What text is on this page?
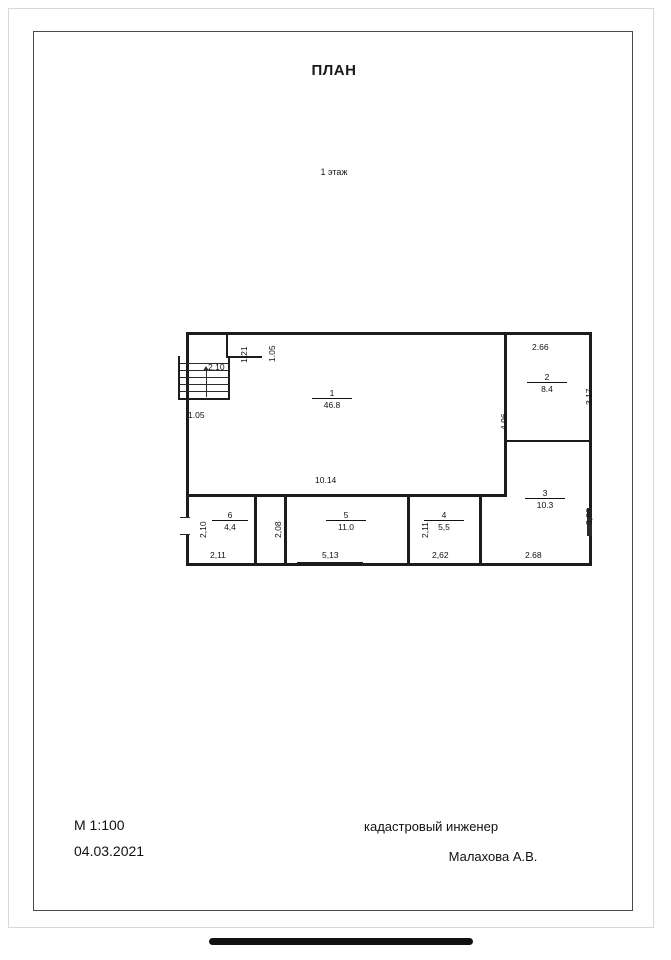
ПЛАН
1 этаж
1
46.8
2
8.4
3
10.3
4
5,5
5
11.0
6
4,4
2.66
2.10
1.05
10.14
2,11	5,13	2,62	2.68
1.05
1,21
4.96
3.17
3,86
2,10	2,08	2,11
М 1:100
04.03.2021
кадастровый инженер
Малахова А.В.
